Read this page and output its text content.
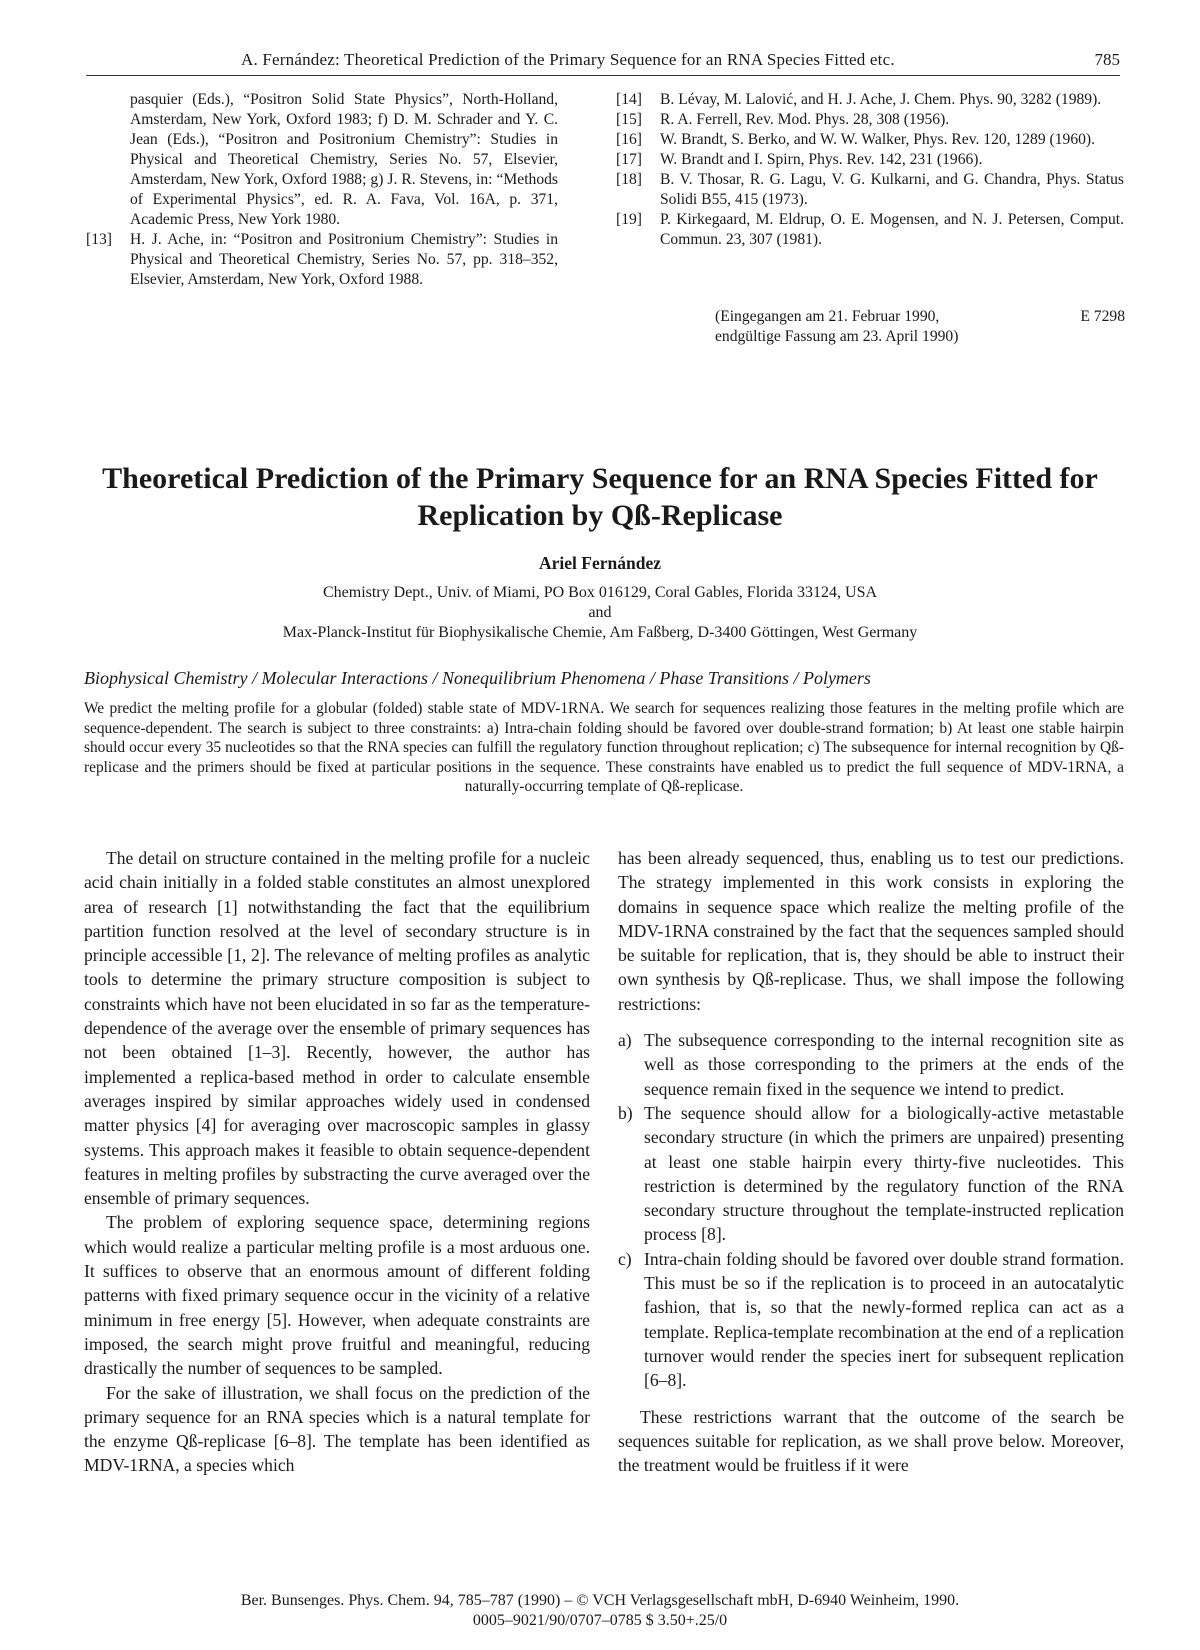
A. Fernández: Theoretical Prediction of the Primary Sequence for an RNA Species Fitted etc.	785
pasquier (Eds.), “Positron Solid State Physics”, North-Holland, Amsterdam, New York, Oxford 1983; f) D. M. Schrader and Y. C. Jean (Eds.), “Positron and Positronium Chemistry”: Studies in Physical and Theoretical Chemistry, Series No. 57, Elsevier, Amsterdam, New York, Oxford 1988; g) J. R. Stevens, in: “Methods of Experimental Physics”, ed. R. A. Fava, Vol. 16A, p. 371, Academic Press, New York 1980.
[13]	H. J. Ache, in: “Positron and Positronium Chemistry”: Studies in Physical and Theoretical Chemistry, Series No. 57, pp. 318–352, Elsevier, Amsterdam, New York, Oxford 1988.
[14]	B. Lévay, M. Lalović, and H. J. Ache, J. Chem. Phys. 90, 3282 (1989).
[15]	R. A. Ferrell, Rev. Mod. Phys. 28, 308 (1956).
[16]	W. Brandt, S. Berko, and W. W. Walker, Phys. Rev. 120, 1289 (1960).
[17]	W. Brandt and I. Spirn, Phys. Rev. 142, 231 (1966).
[18]	B. V. Thosar, R. G. Lagu, V. G. Kulkarni, and G. Chandra, Phys. Status Solidi B55, 415 (1973).
[19]	P. Kirkegaard, M. Eldrup, O. E. Mogensen, and N. J. Petersen, Comput. Commun. 23, 307 (1981).
(Eingegangen am 21. Februar 1990,
endgültige Fassung am 23. April 1990)
E 7298
Theoretical Prediction of the Primary Sequence for an RNA Species Fitted for Replication by Qß-Replicase
Ariel Fernández
Chemistry Dept., Univ. of Miami, PO Box 016129, Coral Gables, Florida 33124, USA
and
Max-Planck-Institut für Biophysikalische Chemie, Am Faßberg, D-3400 Göttingen, West Germany
Biophysical Chemistry / Molecular Interactions / Nonequilibrium Phenomena / Phase Transitions / Polymers
We predict the melting profile for a globular (folded) stable state of MDV-1RNA. We search for sequences realizing those features in the melting profile which are sequence-dependent. The search is subject to three constraints: a) Intra-chain folding should be favored over double-strand formation; b) At least one stable hairpin should occur every 35 nucleotides so that the RNA species can fulfill the regulatory function throughout replication; c) The subsequence for internal recognition by Qß-replicase and the primers should be fixed at particular positions in the sequence. These constraints have enabled us to predict the full sequence of MDV-1RNA, a naturally-occurring template of Qß-replicase.

The detail on structure contained in the melting profile for a nucleic acid chain initially in a folded stable constitutes an almost unexplored area of research [1] notwithstanding the fact that the equilibrium partition function resolved at the level of secondary structure is in principle accessible [1, 2]. The relevance of melting profiles as analytic tools to determine the primary structure composition is subject to constraints which have not been elucidated in so far as the temperature-dependence of the average over the ensemble of primary sequences has not been obtained [1–3]. Recently, however, the author has implemented a replica-based method in order to calculate ensemble averages inspired by similar approaches widely used in condensed matter physics [4] for averaging over macroscopic samples in glassy systems. This approach makes it feasible to obtain sequence-dependent features in melting profiles by substracting the curve averaged over the ensemble of primary sequences.

The problem of exploring sequence space, determining regions which would realize a particular melting profile is a most arduous one. It suffices to observe that an enormous amount of different folding patterns with fixed primary sequence occur in the vicinity of a relative minimum in free energy [5]. However, when adequate constraints are imposed, the search might prove fruitful and meaningful, reducing drastically the number of sequences to be sampled.

For the sake of illustration, we shall focus on the prediction of the primary sequence for an RNA species which is a natural template for the enzyme Qß-replicase [6–8]. The template has been identified as MDV-1RNA, a species which

has been already sequenced, thus, enabling us to test our predictions. The strategy implemented in this work consists in exploring the domains in sequence space which realize the melting profile of the MDV-1RNA constrained by the fact that the sequences sampled should be suitable for replication, that is, they should be able to instruct their own synthesis by Qß-replicase. Thus, we shall impose the following restrictions:

a) The subsequence corresponding to the internal recognition site as well as those corresponding to the primers at the ends of the sequence remain fixed in the sequence we intend to predict.
b) The sequence should allow for a biologically-active metastable secondary structure (in which the primers are unpaired) presenting at least one stable hairpin every thirty-five nucleotides. This restriction is determined by the regulatory function of the RNA secondary structure throughout the template-instructed replication process [8].
c) Intra-chain folding should be favored over double strand formation. This must be so if the replication is to proceed in an autocatalytic fashion, that is, so that the newly-formed replica can act as a template. Replica-template recombination at the end of a replication turnover would render the species inert for subsequent replication [6–8].

These restrictions warrant that the outcome of the search be sequences suitable for replication, as we shall prove below. Moreover, the treatment would be fruitless if it were

Ber. Bunsenges. Phys. Chem. 94, 785–787 (1990) – © VCH Verlagsgesellschaft mbH, D-6940 Weinheim, 1990.
0005–9021/90/0707–0785 $ 3.50+.25/0
